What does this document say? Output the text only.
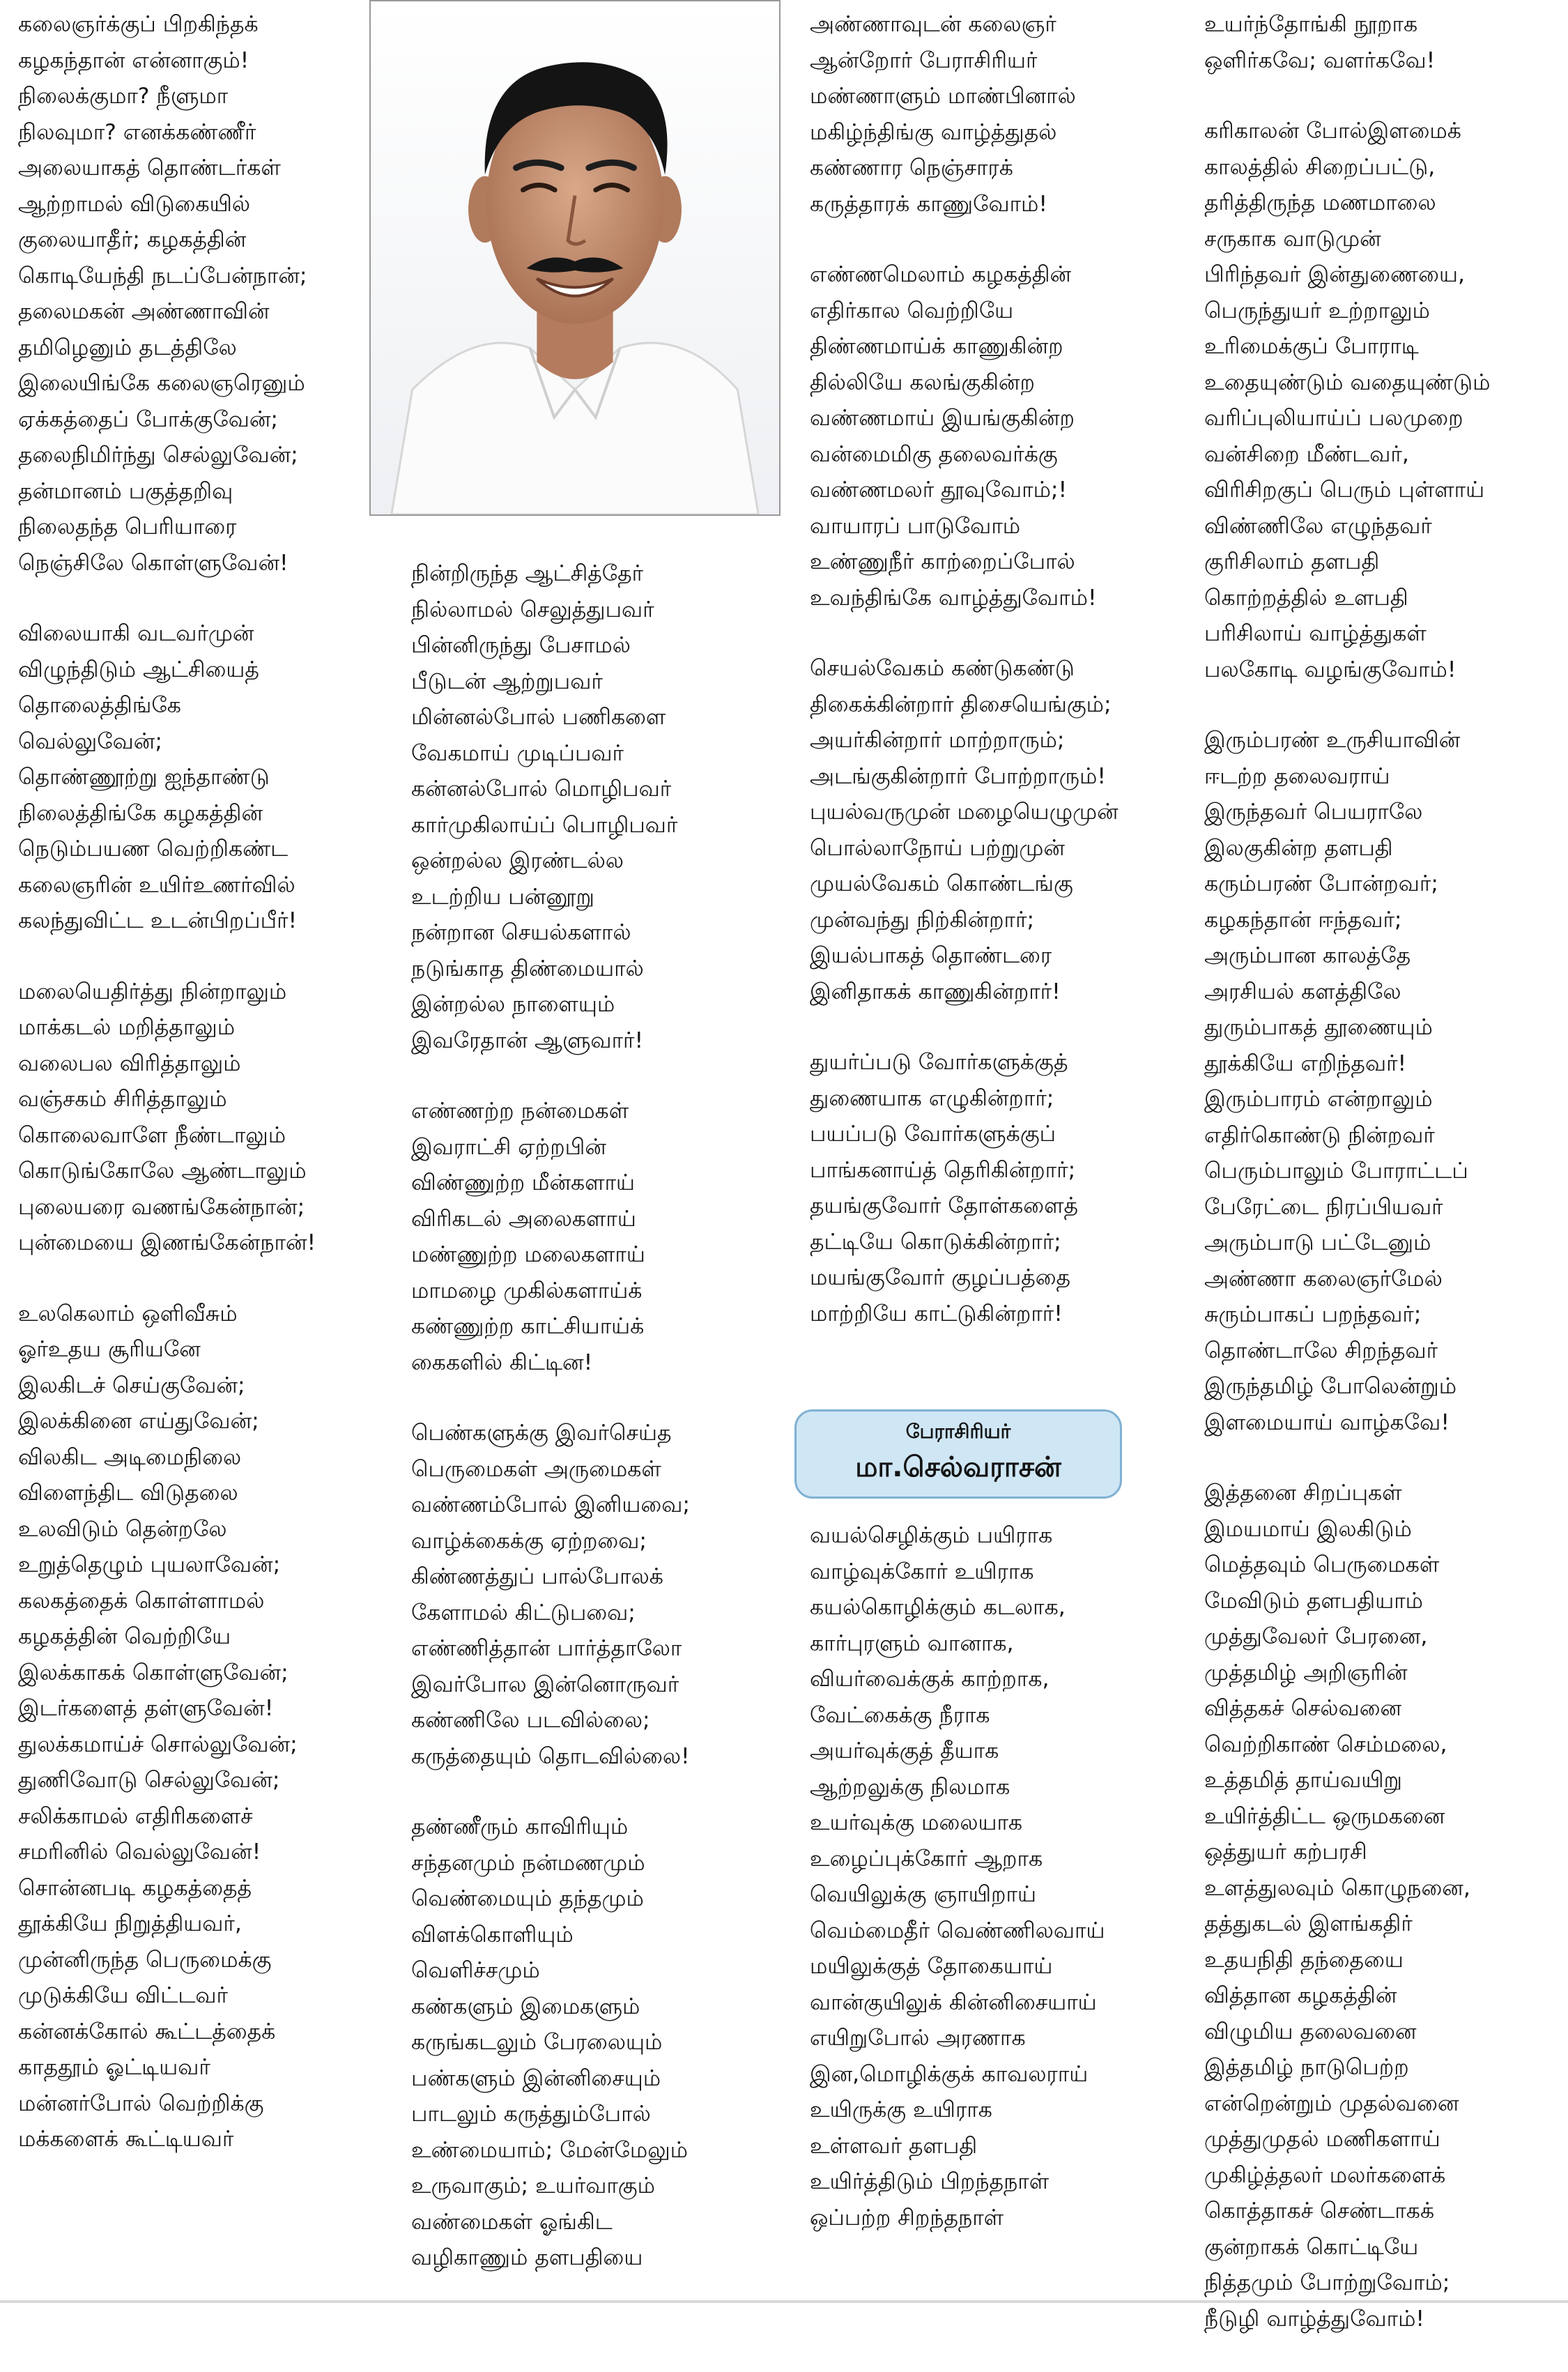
கலைஞர்க்குப் பிறகிந்தக்
கழகந்தான் என்னாகும்!
நிலைக்குமா? நீளுமா
நிலவுமா? எனக்கண்ணீர்
அலையாகத் தொண்டர்கள்
ஆற்றாமல் விடுகையில்
குலையாதீர்; கழகத்தின்
கொடியேந்தி நடப்பேன்நான்;
தலைமகன் அண்ணாவின்
தமிழெனும் தடத்திலே
இலையிங்கே கலைஞரெனும்
ஏக்கத்தைப் போக்குவேன்;
தலைநிமிர்ந்து செல்லுவேன்;
தன்மானம் பகுத்தறிவு
நிலைதந்த பெரியாரை
நெஞ்சிலே கொள்ளுவேன்!
விலையாகி வடவர்முன்
விழுந்திடும் ஆட்சியைத்
தொலைத்திங்கே
வெல்லுவேன்;
தொண்ணூற்று ஐந்தாண்டு
நிலைத்திங்கே கழகத்தின்
நெடும்பயண வெற்றிகண்ட
கலைஞரின் உயிர்உணர்வில்
கலந்துவிட்ட உடன்பிறப்பீர்!
மலையெதிர்த்து நின்றாலும்
மாக்கடல் மறித்தாலும்
வலைபல விரித்தாலும்
வஞ்சகம் சிரித்தாலும்
கொலைவாளே நீண்டாலும்
கொடுங்கோலே ஆண்டாலும்
புலையரை வணங்கேன்நான்;
புன்மையை இணங்கேன்நான்!
உலகெலாம் ஒளிவீசும்
ஓர்உதய சூரியனே
இலகிடச் செய்குவேன்;
இலக்கினை எய்துவேன்;
விலகிட அடிமைநிலை
விளைந்திட விடுதலை
உலவிடும் தென்றலே
உறுத்தெழும் புயலாவேன்;
கலகத்தைக் கொள்ளாமல்
கழகத்தின் வெற்றியே
இலக்காகக் கொள்ளுவேன்;
இடர்களைத் தள்ளுவேன்!
துலக்கமாய்ச் சொல்லுவேன்;
துணிவோடு செல்லுவேன்;
சலிக்காமல் எதிரிகளைச்
சமரினில் வெல்லுவேன்!
சொன்னபடி கழகத்தைத்
தூக்கியே நிறுத்தியவர்,
முன்னிருந்த பெருமைக்கு
முடுக்கியே விட்டவர்
கன்னக்கோல் கூட்டத்தைக்
காததூம் ஓட்டியவர்
மன்னர்போல் வெற்றிக்கு
மக்களைக் கூட்டியவர்
நின்றிருந்த ஆட்சித்தேர்
நில்லாமல் செலுத்துபவர்
பின்னிருந்து பேசாமல்
பீடுடன் ஆற்றுபவர்
மின்னல்போல் பணிகளை
வேகமாய் முடிப்பவர்
கன்னல்போல் மொழிபவர்
கார்முகிலாய்ப் பொழிபவர்
ஒன்றல்ல இரண்டல்ல
உடற்றிய பன்னூறு
நன்றான செயல்களால்
நடுங்காத திண்மையால்
இன்றல்ல நாளையும்
இவரேதான் ஆளுவார்!
எண்ணற்ற நன்மைகள்
இவராட்சி ஏற்றபின்
விண்ணுற்ற மீன்களாய்
விரிகடல் அலைகளாய்
மண்ணுற்ற மலைகளாய்
மாமழை முகில்களாய்க்
கண்ணுற்ற காட்சியாய்க்
கைகளில் கிட்டின!
பெண்களுக்கு இவர்செய்த
பெருமைகள் அருமைகள்
வண்ணம்போல் இனியவை;
வாழ்க்கைக்கு ஏற்றவை;
கிண்ணத்துப் பால்போலக்
கேளாமல் கிட்டுபவை;
எண்ணித்தான் பார்த்தாலோ
இவர்போல இன்னொருவர்
கண்ணிலே படவில்லை;
கருத்தையும் தொடவில்லை!
தண்ணீரும் காவிரியும்
சந்தனமும் நன்மணமும்
வெண்மையும் தந்தமும்
விளக்கொளியும்
வெளிச்சமும்
கண்களும் இமைகளும்
கருங்கடலும் பேரலையும்
பண்களும் இன்னிசையும்
பாடலும் கருத்தும்போல்
உண்மையாம்; மேன்மேலும்
உருவாகும்; உயர்வாகும்
வண்மைகள் ஓங்கிட
வழிகாணும் தளபதியை
அண்ணாவுடன் கலைஞர்
ஆன்றோர் பேராசிரியர்
மண்ணாளும் மாண்பினால்
மகிழ்ந்திங்கு வாழ்த்துதல்
கண்ணார நெஞ்சாரக்
கருத்தாரக் காணுவோம்!
எண்ணமெலாம் கழகத்தின்
எதிர்கால வெற்றியே
திண்ணமாய்க் காணுகின்ற
தில்லியே கலங்குகின்ற
வண்ணமாய் இயங்குகின்ற
வன்மைமிகு தலைவர்க்கு
வண்ணமலர் தூவுவோம்;!
வாயாரப் பாடுவோம்
உண்ணுநீர் காற்றைப்போல்
உவந்திங்கே வாழ்த்துவோம்!
செயல்வேகம் கண்டுகண்டு
திகைக்கின்றார் திசையெங்கும்;
அயர்கின்றார் மாற்றாரும்;
அடங்குகின்றார் போற்றாரும்!
புயல்வருமுன் மழையெழுமுன்
பொல்லாநோய் பற்றுமுன்
முயல்வேகம் கொண்டங்கு
முன்வந்து நிற்கின்றார்;
இயல்பாகத் தொண்டரை
இனிதாகக் காணுகின்றார்!
துயர்ப்படு வோர்களுக்குத்
துணையாக எழுகின்றார்;
பயப்படு வோர்களுக்குப்
பாங்கனாய்த் தெரிகின்றார்;
தயங்குவோர் தோள்களைத்
தட்டியே கொடுக்கின்றார்;
மயங்குவோர் குழப்பத்தை
மாற்றியே காட்டுகின்றார்!
பேராசிரியர்
மா.செல்வராசன்
வயல்செழிக்கும் பயிராக
வாழ்வுக்கோர் உயிராக
கயல்கொழிக்கும் கடலாக,
கார்புரளும் வானாக,
வியர்வைக்குக் காற்றாக,
வேட்கைக்கு நீராக
அயர்வுக்குத் தீயாக
ஆற்றலுக்கு நிலமாக
உயர்வுக்கு மலையாக
உழைப்புக்கோர் ஆறாக
வெயிலுக்கு ஞாயிறாய்
வெம்மைதீர் வெண்ணிலவாய்
மயிலுக்குத் தோகையாய்
வான்குயிலுக் கின்னிசையாய்
எயிறுபோல் அரணாக
இன,மொழிக்குக் காவலராய்
உயிருக்கு உயிராக
உள்ளவர் தளபதி
உயிர்த்திடும் பிறந்தநாள்
ஒப்பற்ற சிறந்தநாள்
உயர்ந்தோங்கி நூறாக
ஒளிர்கவே; வளர்கவே!
கரிகாலன் போல்இளமைக்
காலத்தில் சிறைப்பட்டு,
தரித்திருந்த மணமாலை
சருகாக வாடுமுன்
பிரிந்தவர் இன்துணையை,
பெருந்துயர் உற்றாலும்
உரிமைக்குப் போராடி
உதையுண்டும் வதையுண்டும்
வரிப்புலியாய்ப் பலமுறை
வன்சிறை மீண்டவர்,
விரிசிறகுப் பெரும் புள்ளாய்
விண்ணிலே எழுந்தவர்
குரிசிலாம் தளபதி
கொற்றத்தில் உளபதி
பரிசிலாய் வாழ்த்துகள்
பலகோடி வழங்குவோம்!
இரும்பரண் உருசியாவின்
ஈடற்ற தலைவராய்
இருந்தவர் பெயராலே
இலகுகின்ற தளபதி
கரும்பரண் போன்றவர்;
கழகந்தான் ஈந்தவர்;
அரும்பான காலத்தே
அரசியல் களத்திலே
துரும்பாகத் தூணையும்
தூக்கியே எறிந்தவர்!
இரும்பாரம் என்றாலும்
எதிர்கொண்டு நின்றவர்
பெரும்பாலும் போராட்டப்
பேரேட்டை நிரப்பியவர்
அரும்பாடு பட்டேனும்
அண்ணா கலைஞர்மேல்
சுரும்பாகப் பறந்தவர்;
தொண்டாலே சிறந்தவர்
இருந்தமிழ் போலென்றும்
இளமையாய் வாழ்கவே!
இத்தனை சிறப்புகள்
இமயமாய் இலகிடும்
மெத்தவும் பெருமைகள்
மேவிடும் தளபதியாம்
முத்துவேலர் பேரனை,
முத்தமிழ் அறிஞரின்
வித்தகச் செல்வனை
வெற்றிகாண் செம்மலை,
உத்தமித் தாய்வயிறு
உயிர்த்திட்ட ஒருமகனை
ஒத்துயர் கற்பரசி
உளத்துலவும் கொழுநனை,
தத்துகடல் இளங்கதிர்
உதயநிதி தந்தையை
வித்தான கழகத்தின்
விழுமிய தலைவனை
இத்தமிழ் நாடுபெற்ற
என்றென்றும் முதல்வனை
முத்துமுதல் மணிகளாய்
முகிழ்த்தலர் மலர்களைக்
கொத்தாகச் செண்டாகக்
குன்றாகக் கொட்டியே
நித்தமும் போற்றுவோம்;
நீடுழி வாழ்த்துவோம்!
